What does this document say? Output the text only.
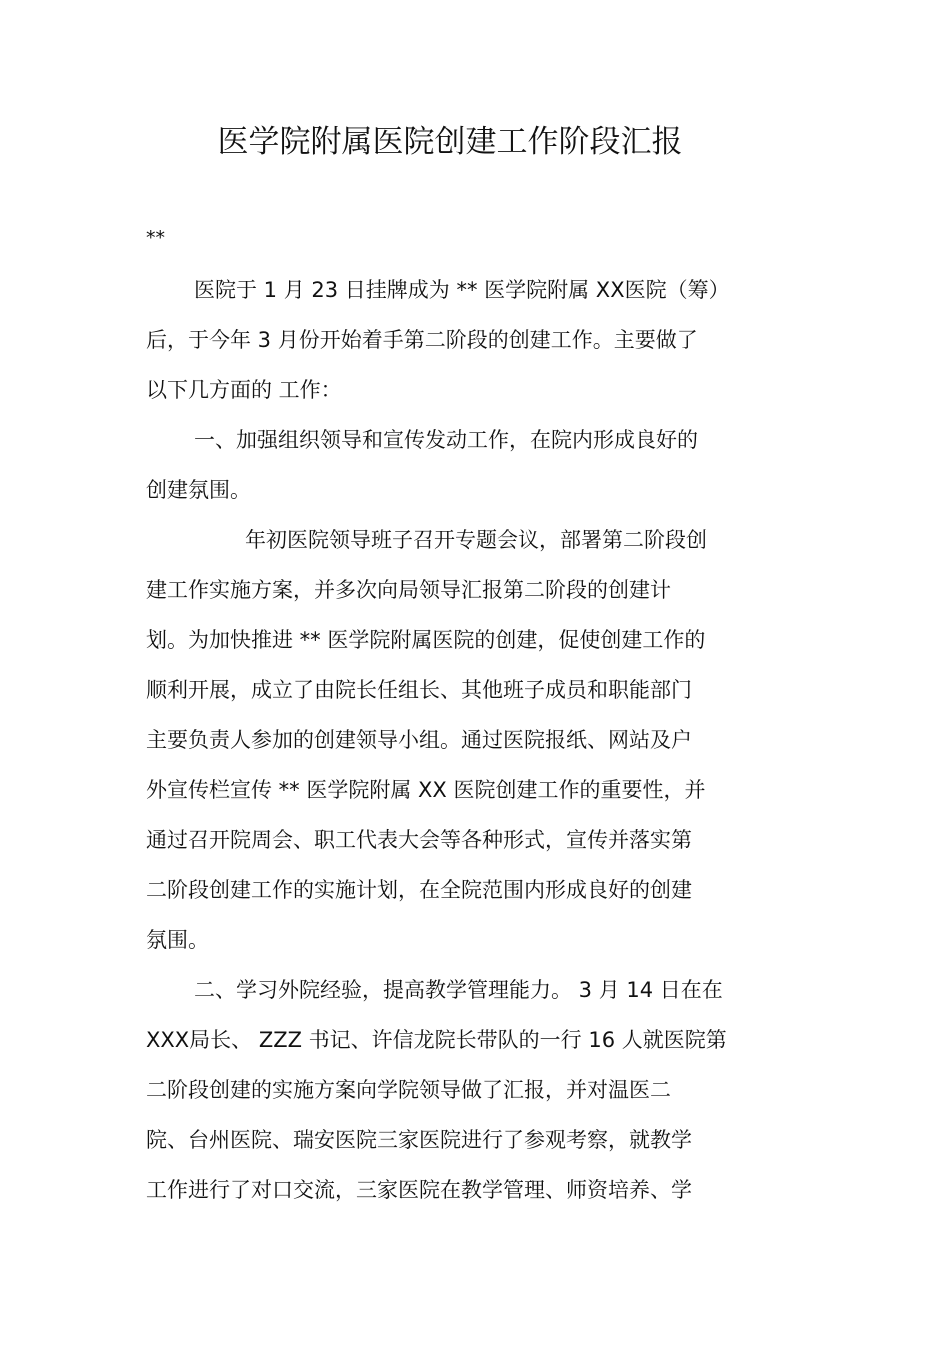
医学院附属医院创建工作阶段汇报
**
医院于 1 月 23 日挂牌成为 ** 医学院附属 XX医院（筹）
后，于今年 3 月份开始着手第二阶段的创建工作。主要做了
以下几方面的 工作：
一、加强组织领导和宣传发动工作，在院内形成良好的
创建氛围。
年初医院领导班子召开专题会议，部署第二阶段创
建工作实施方案，并多次向局领导汇报第二阶段的创建计
划。为加快推进 ** 医学院附属医院的创建，促使创建工作的
顺利开展，成立了由院长任组长、其他班子成员和职能部门
主要负责人参加的创建领导小组。通过医院报纸、网站及户
外宣传栏宣传 ** 医学院附属 XX 医院创建工作的重要性，并
通过召开院周会、职工代表大会等各种形式，宣传并落实第
二阶段创建工作的实施计划，在全院范围内形成良好的创建
氛围。
二、学习外院经验，提高教学管理能力。 3 月 14 日在在
XXX局长、 ZZZ 书记、许信龙院长带队的一行 16 人就医院第
二阶段创建的实施方案向学院领导做了汇报，并对温医二
院、台州医院、瑞安医院三家医院进行了参观考察，就教学
工作进行了对口交流，三家医院在教学管理、师资培养、学
